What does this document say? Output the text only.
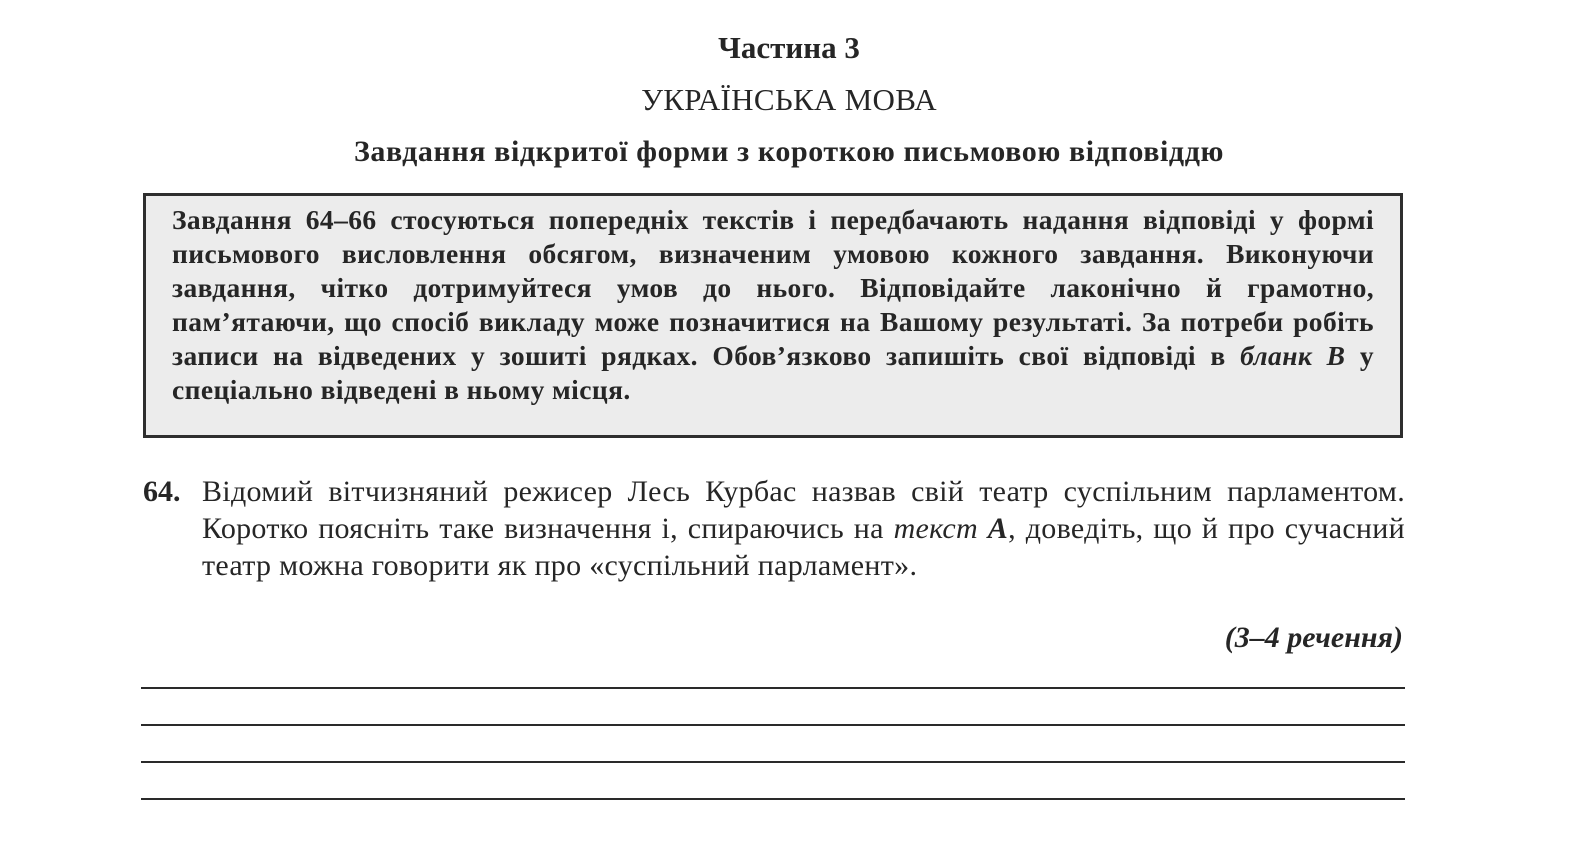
Частина 3
УКРАЇНСЬКА МОВА
Завдання відкритої форми з короткою письмовою відповіддю

Завдання 64–66 стосуються попередніх текстів і передбачають надання відповіді у формі письмового висловлення обсягом, визначеним умовою кожного завдання. Виконуючи завдання, чітко дотримуйтеся умов до нього. Відповідайте лаконічно й грамотно, пам’ятаючи, що спосіб викладу може позначитися на Вашому результаті. За потреби робіть записи на відведених у зошиті рядках. Обов’язково запишіть свої відповіді в бланк В у спеціально відведені в ньому місця.

64. Відомий вітчизняний режисер Лесь Курбас назвав свій театр суспільним парламентом. Коротко поясніть таке визначення і, спираючись на текст А, доведіть, що й про сучасний театр можна говорити як про «суспільний парламент».

(3–4 речення)
